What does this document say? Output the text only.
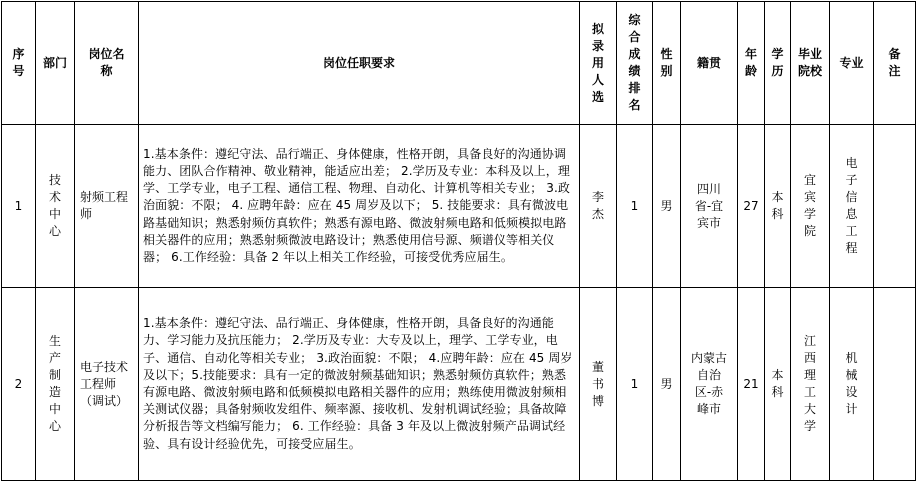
序号	部门	岗位名称	岗位任职要求	拟录用人选	综合成绩排名	性别	籍贯	年龄	学历	毕业院校	专业	备注
1	技术中心	射频工程师	1.基本条件：遵纪守法、品行端正、身体健康，性格开朗，具备良好的沟通协调能力、团队合作精神、敬业精神，能适应出差； 2.学历及专业：本科及以上，理学、工学专业，电子工程、通信工程、物理、自动化、计算机等相关专业； 3.政治面貌：不限； 4. 应聘年龄：应在 45 周岁及以下； 5. 技能要求：具有微波电路基础知识；熟悉射频仿真软件；熟悉有源电路、微波射频电路和低频模拟电路相关器件的应用；熟悉射频微波电路设计；熟悉使用信号源、频谱仪等相关仪器； 6.工作经验：具备 2 年以上相关工作经验，可接受优秀应届生。	李杰	1	男	四川省-宜宾市	27	本科	宜宾学院	电子信息工程	
2	生产制造中心	电子技术工程师（调试）	1.基本条件：遵纪守法、品行端正、身体健康，性格开朗，具备良好的沟通能力、学习能力及抗压能力； 2.学历及专业：大专及以上，理学、工学专业，电子、通信、自动化等相关专业； 3.政治面貌：不限； 4.应聘年龄：应在 45 周岁及以下；5.技能要求：具有一定的微波射频基础知识；熟悉射频仿真软件；熟悉有源电路、微波射频电路和低频模拟电路相关器件的应用；熟练使用微波射频相关测试仪器；具备射频收发组件、频率源、接收机、发射机调试经验；具备故障分析报告等文档编写能力； 6. 工作经验：具备 3 年及以上微波射频产品调试经验、具有设计经验优先，可接受应届生。	董书博	1	男	内蒙古自治区-赤峰市	21	本科	江西理工大学	机械设计	
